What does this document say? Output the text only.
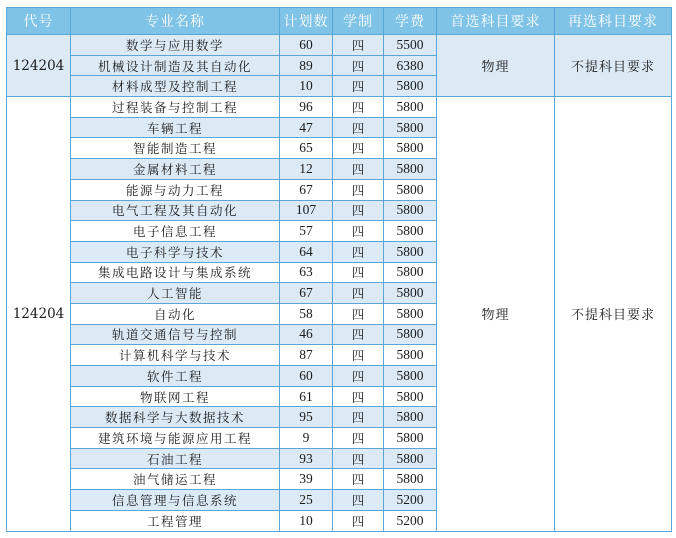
代号	专业名称	计划数	学制	学费	首选科目要求	再选科目要求
124204	数学与应用数学	60	四	5500	物理	不提科目要求
	机械设计制造及其自动化	89	四	6380		
	材料成型及控制工程	10	四	5800		
124204	过程装备与控制工程	96	四	5800	物理	不提科目要求
	车辆工程	47	四	5800		
	智能制造工程	65	四	5800		
	金属材料工程	12	四	5800		
	能源与动力工程	67	四	5800		
	电气工程及其自动化	107	四	5800		
	电子信息工程	57	四	5800		
	电子科学与技术	64	四	5800		
	集成电路设计与集成系统	63	四	5800		
	人工智能	67	四	5800		
	自动化	58	四	5800		
	轨道交通信号与控制	46	四	5800		
	计算机科学与技术	87	四	5800		
	软件工程	60	四	5800		
	物联网工程	61	四	5800		
	数据科学与大数据技术	95	四	5800		
	建筑环境与能源应用工程	9	四	5800		
	石油工程	93	四	5800		
	油气储运工程	39	四	5800		
	信息管理与信息系统	25	四	5200		
	工程管理	10	四	5200		
